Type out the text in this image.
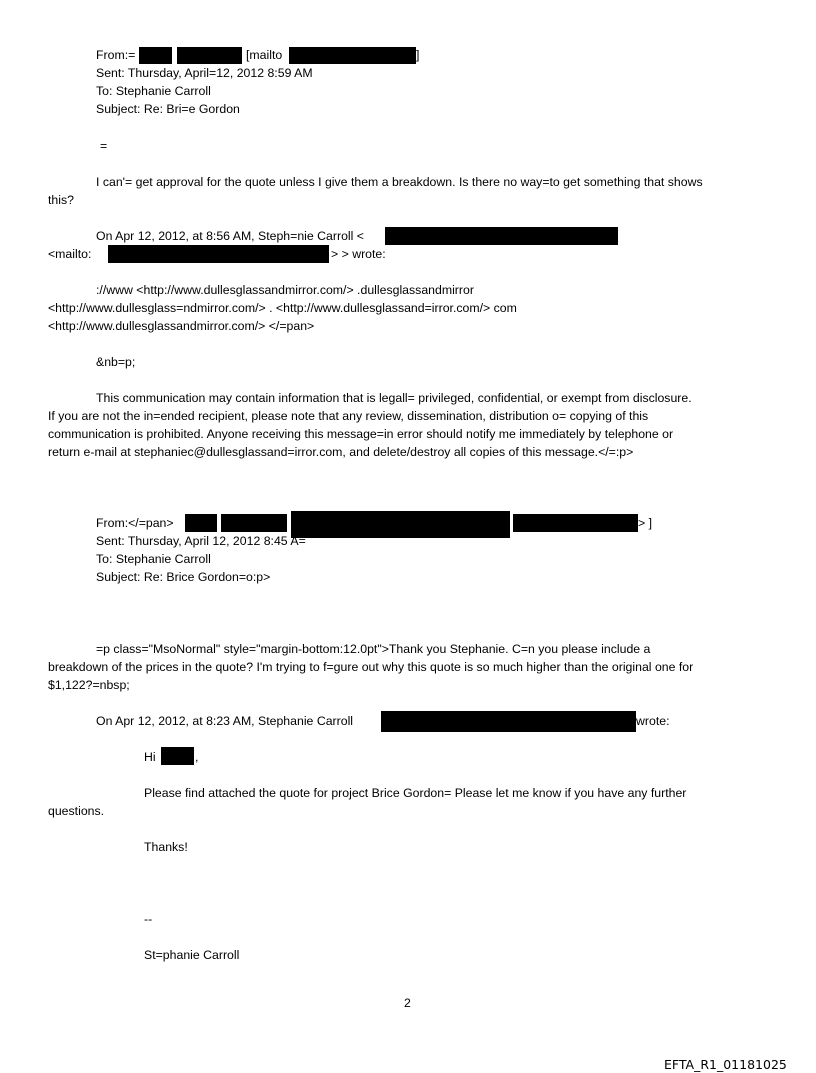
From:=	[mailto	]
Sent: Thursday, April=12, 2012 8:59 AM
To: Stephanie Carroll
Subject: Re: Bri=e Gordon
=
I can'= get approval for the quote unless I give them a breakdown. Is there no way=to get something that shows
this?
On Apr 12, 2012, at 8:56 AM, Steph=nie Carroll <
<mailto:	> > wrote:
://www <http://www.dullesglassandmirror.com/> .dullesglassandmirror
<http://www.dullesglass=ndmirror.com/> . <http://www.dullesglassand=irror.com/> com
<http://www.dullesglassandmirror.com/> </=pan>
&nb=p;
This communication may contain information that is legall= privileged, confidential, or exempt from disclosure.
If you are not the in=ended recipient, please note that any review, dissemination, distribution o= copying of this
communication is prohibited. Anyone receiving this message=in error should notify me immediately by telephone or
return e-mail at stephaniec@dullesglassand=irror.com, and delete/destroy all copies of this message.</=:p>
From:</=pan>	> ]
Sent: Thursday, April 12, 2012 8:45 A=
To: Stephanie Carroll
Subject: Re: Brice Gordon=o:p>
=p class="MsoNormal" style="margin-bottom:12.0pt">Thank you Stephanie. C=n you please include a
breakdown of the prices in the quote? I'm trying to f=gure out why this quote is so much higher than the original one for
$1,122?=nbsp;
On Apr 12, 2012, at 8:23 AM, Stephanie Carroll	wrote:
Hi	,
Please find attached the quote for project Brice Gordon= Please let me know if you have any further
questions.
Thanks!
--
St=phanie Carroll
2
EFTA_R1_01181025
